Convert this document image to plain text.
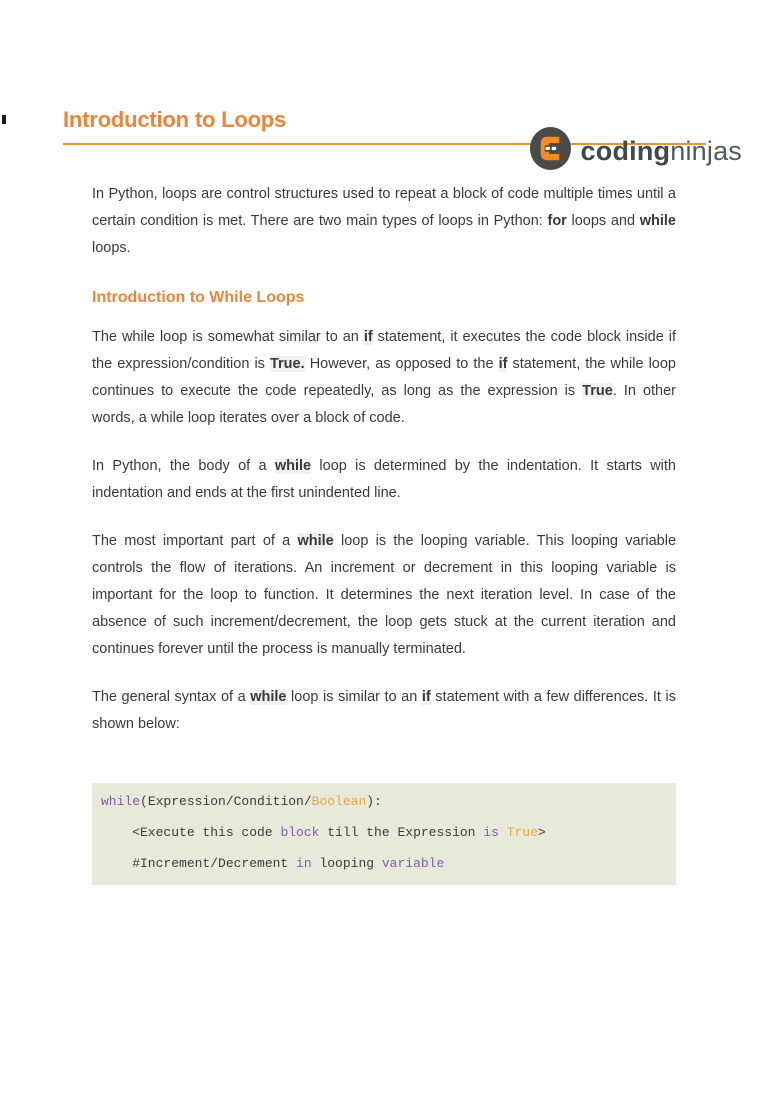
codingninjas
Introduction to Loops

In Python, loops are control structures used to repeat a block of code multiple times until a certain condition is met. There are two main types of loops in Python: for loops and while loops.

Introduction to While Loops

The while loop is somewhat similar to an if statement, it executes the code block inside if the expression/condition is True. However, as opposed to the if statement, the while loop continues to execute the code repeatedly, as long as the expression is True. In other words, a while loop iterates over a block of code.

In Python, the body of a while loop is determined by the indentation. It starts with indentation and ends at the first unindented line.

The most important part of a while loop is the looping variable. This looping variable controls the flow of iterations. An increment or decrement in this looping variable is important for the loop to function. It determines the next iteration level. In case of the absence of such increment/decrement, the loop gets stuck at the current iteration and continues forever until the process is manually terminated.

The general syntax of a while loop is similar to an if statement with a few differences. It is shown below:

while(Expression/Condition/Boolean):
<Execute this code block till the Expression is True>
#Increment/Decrement in looping variable
